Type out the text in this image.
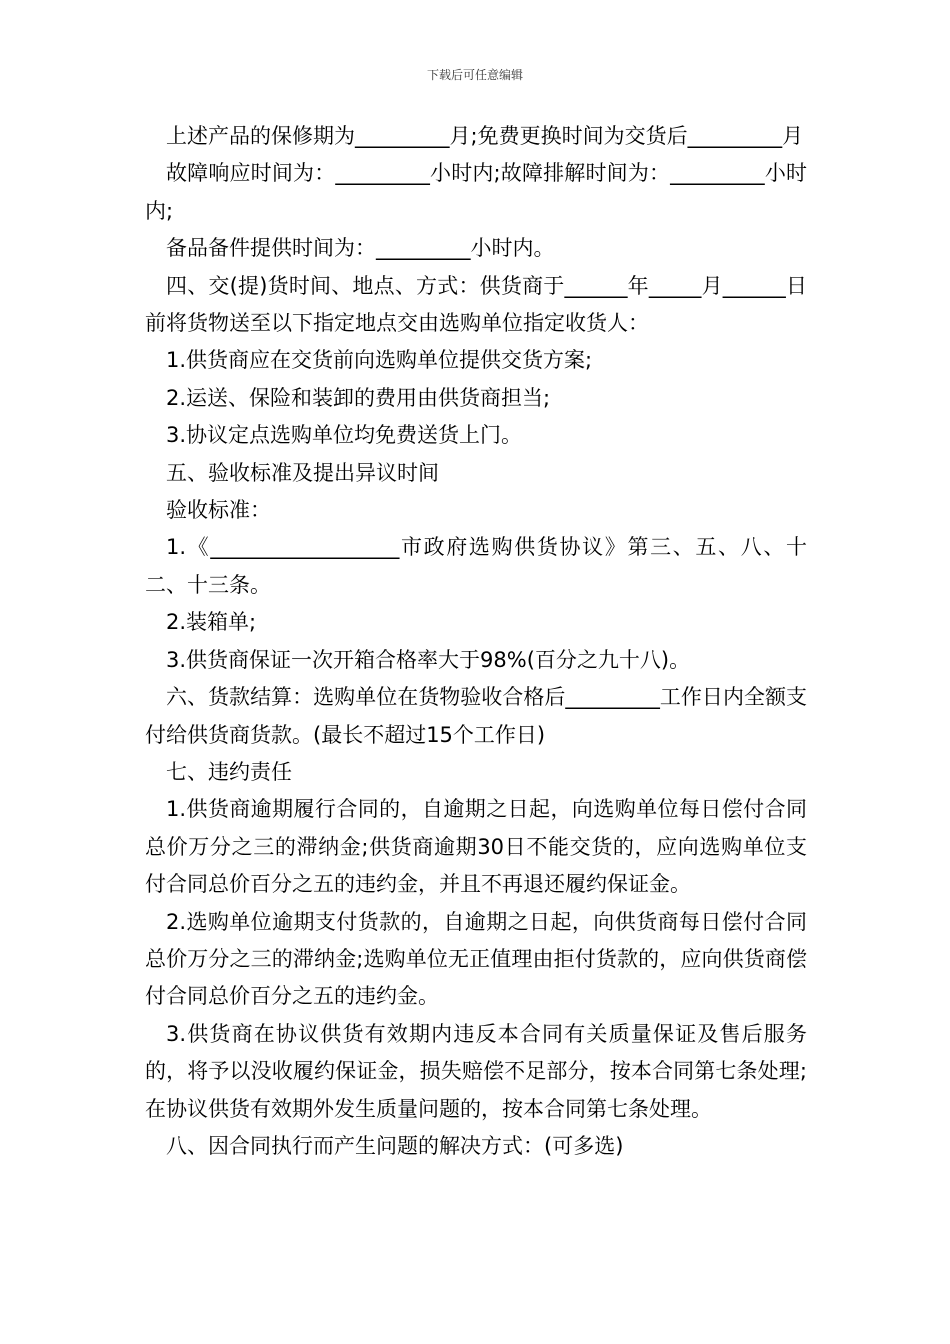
下载后可任意编辑

上述产品的保修期为_________月;免费更换时间为交货后_________月

故障响应时间为：_________小时内;故障排解时间为：_________小时内;

备品备件提供时间为：_________小时内。

四、交(提)货时间、地点、方式：供货商于______年_____月______日前将货物送至以下指定地点交由选购单位指定收货人：

1.供货商应在交货前向选购单位提供交货方案;

2.运送、保险和装卸的费用由供货商担当;

3.协议定点选购单位均免费送货上门。

五、验收标准及提出异议时间

验收标准：

1.《__________________市政府选购供货协议》第三、五、八、十二、十三条。

2.装箱单;

3.供货商保证一次开箱合格率大于98%(百分之九十八)。

六、货款结算：选购单位在货物验收合格后_________工作日内全额支付给供货商货款。(最长不超过15个工作日)

七、违约责任

1.供货商逾期履行合同的，自逾期之日起，向选购单位每日偿付合同总价万分之三的滞纳金;供货商逾期30日不能交货的，应向选购单位支付合同总价百分之五的违约金，并且不再退还履约保证金。

2.选购单位逾期支付货款的，自逾期之日起，向供货商每日偿付合同总价万分之三的滞纳金;选购单位无正值理由拒付货款的，应向供货商偿付合同总价百分之五的违约金。

3.供货商在协议供货有效期内违反本合同有关质量保证及售后服务的，将予以没收履约保证金，损失赔偿不足部分，按本合同第七条处理;在协议供货有效期外发生质量问题的，按本合同第七条处理。

八、因合同执行而产生问题的解决方式：(可多选)
